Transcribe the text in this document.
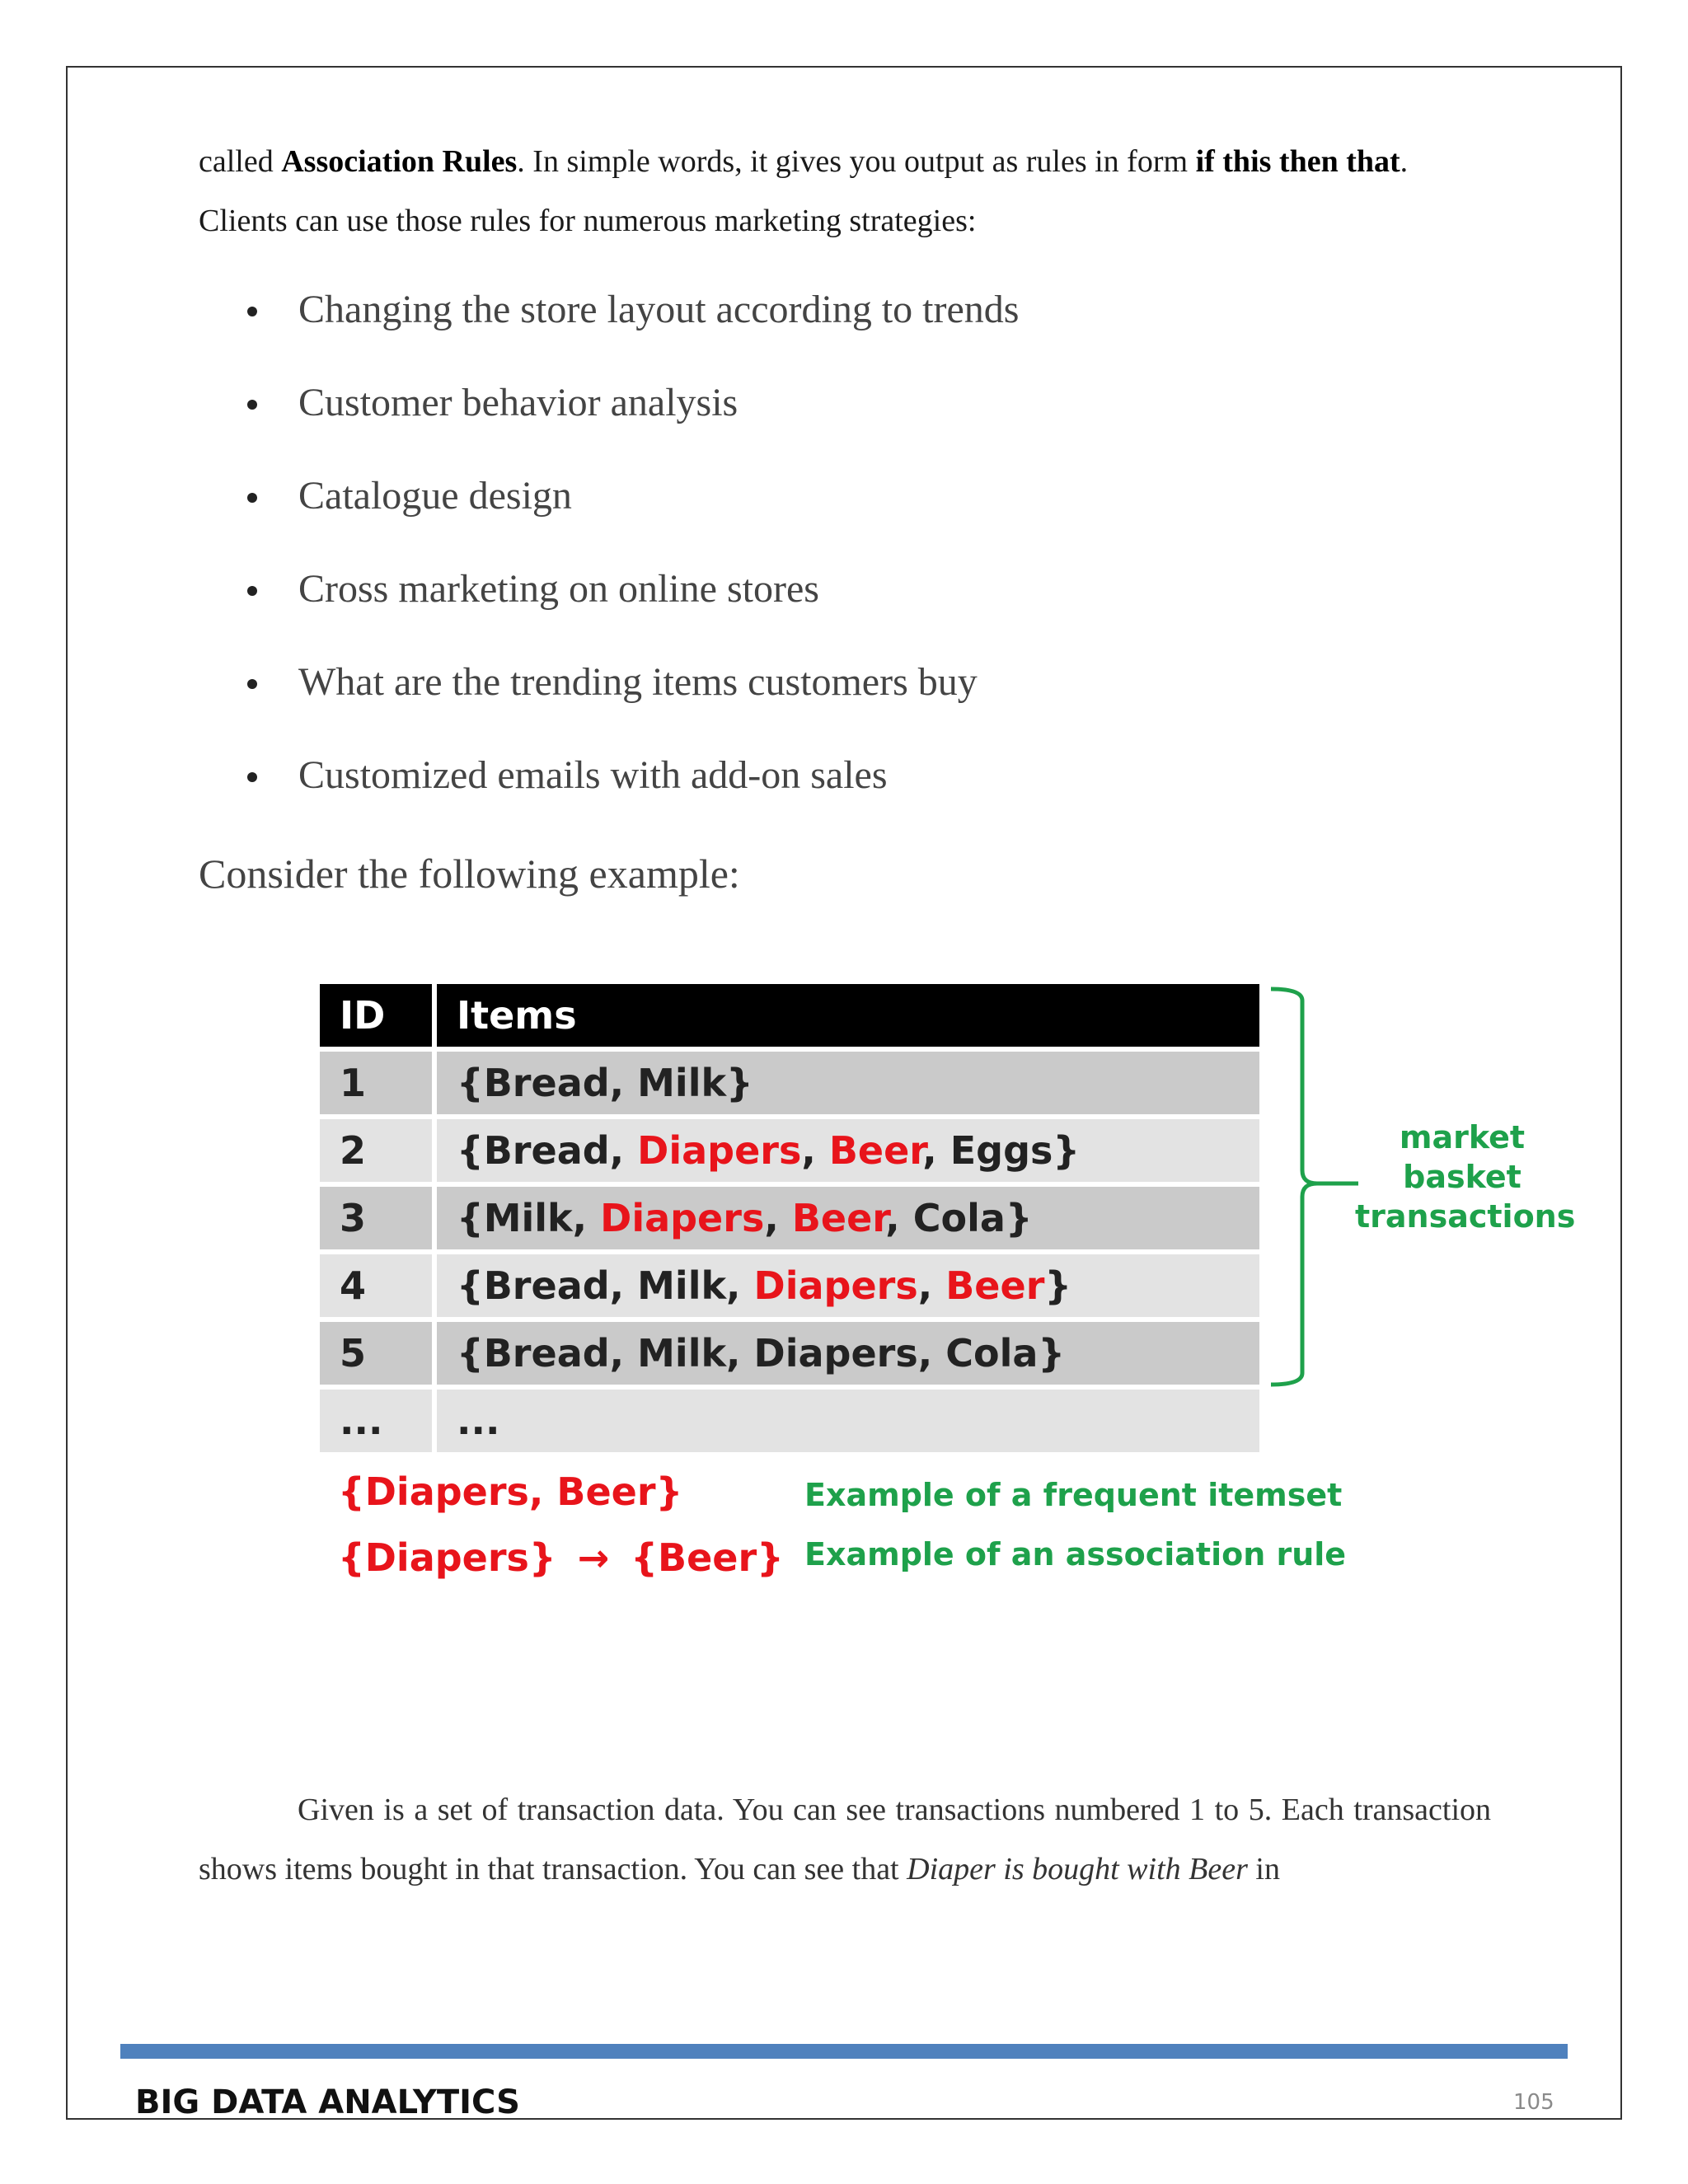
called Association Rules. In simple words, it gives you output as rules in form if this then that.
Clients can use those rules for numerous marketing strategies:
Changing the store layout according to trends
Customer behavior analysis
Catalogue design
Cross marketing on online stores
What are the trending items customers buy
Customized emails with add-on sales
Consider the following example:
ID	Items
1	{Bread, Milk}
2	{Bread, Diapers, Beer, Eggs}
3	{Milk, Diapers, Beer, Cola}
4	{Bread, Milk, Diapers, Beer}
5	{Bread, Milk, Diapers, Cola}
...	...
market
basket
transactions
{Diapers, Beer}	Example of a frequent itemset
{Diapers} → {Beer} Example of an association rule
Given is a set of transaction data. You can see transactions numbered 1 to 5. Each transaction shows items bought in that transaction. You can see that Diaper is bought with Beer in
BIG DATA ANALYTICS	105
